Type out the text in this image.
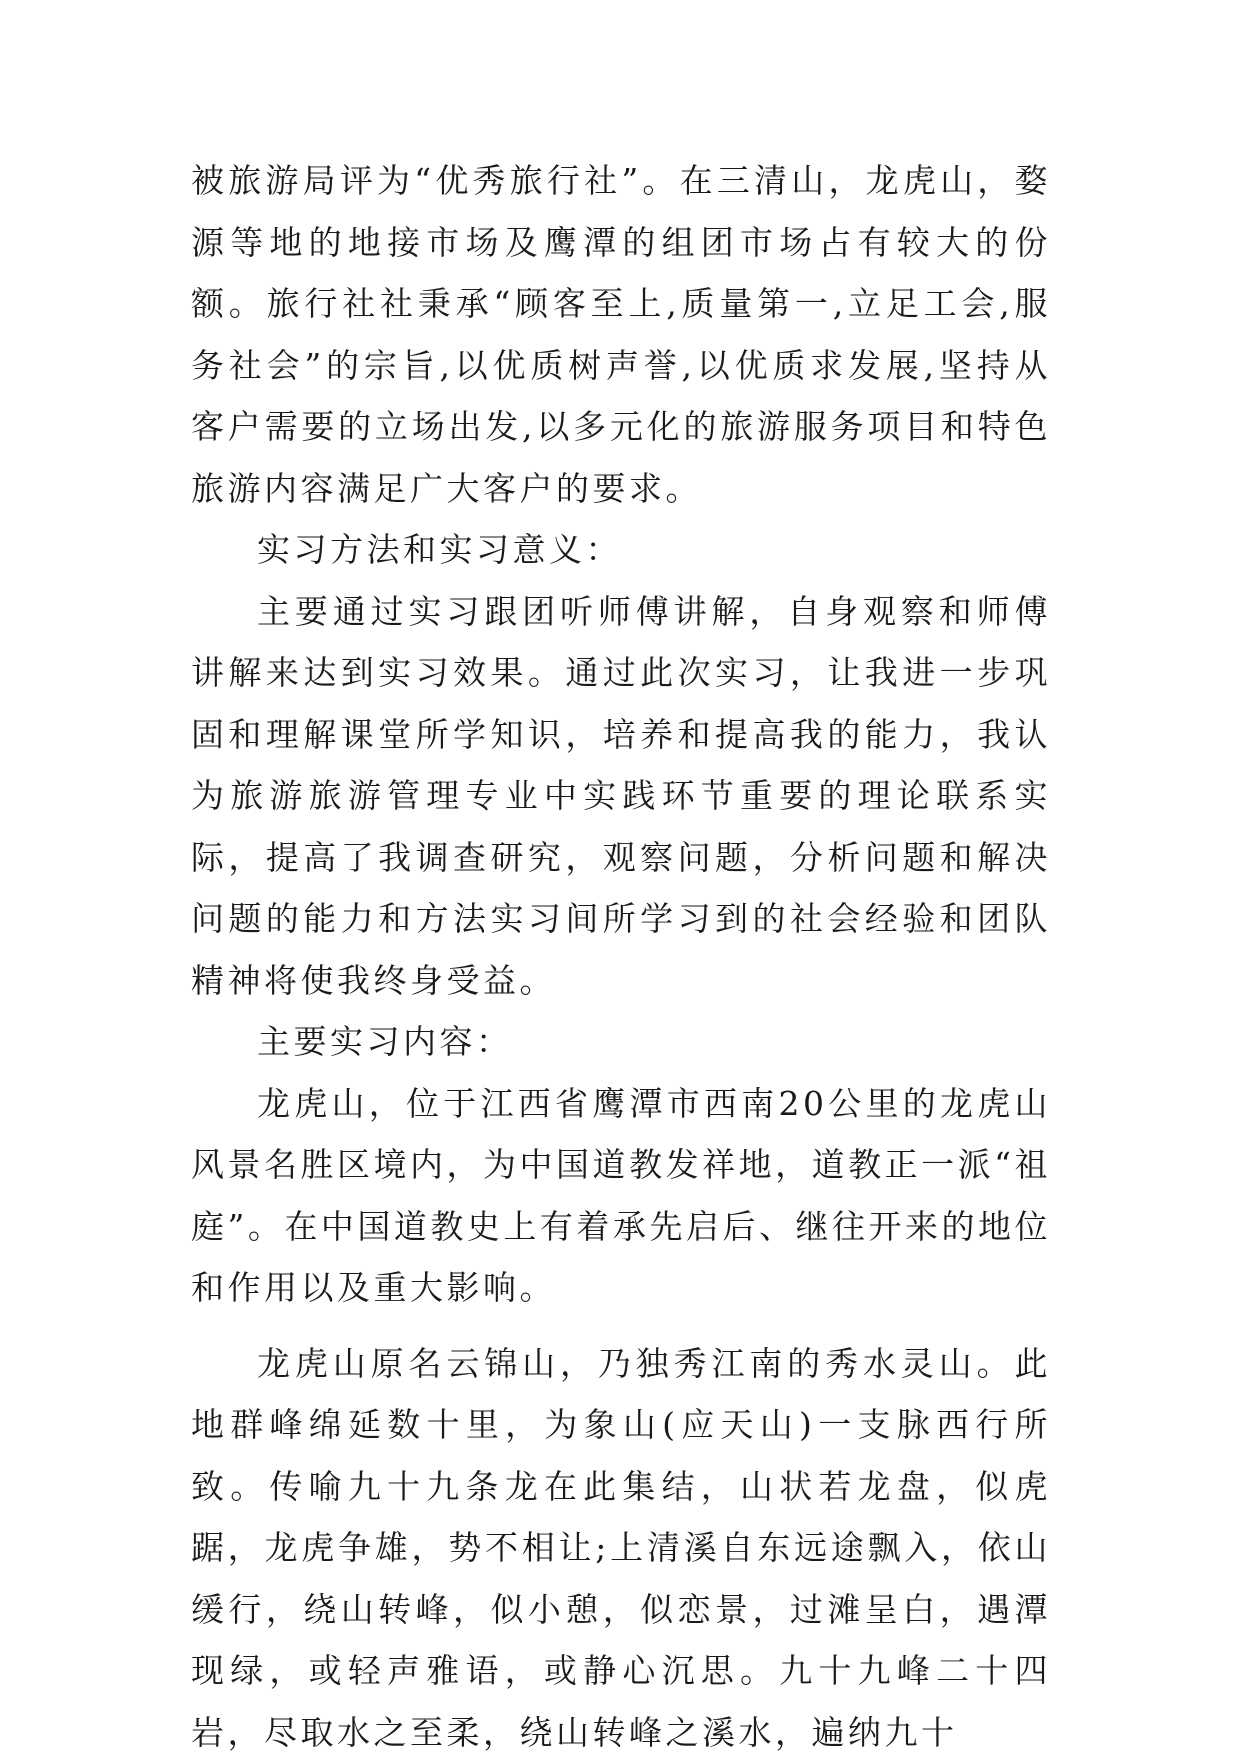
被旅游局评为“优秀旅行社”。在三清山，龙虎山，婺源等地的地接市场及鹰潭的组团市场占有较大的份额。旅行社社秉承“顾客至上,质量第一,立足工会,服务社会”的宗旨,以优质树声誉,以优质求发展,坚持从客户需要的立场出发,以多元化的旅游服务项目和特色旅游内容满足广大客户的要求。

实习方法和实习意义：

主要通过实习跟团听师傅讲解，自身观察和师傅讲解来达到实习效果。通过此次实习，让我进一步巩固和理解课堂所学知识，培养和提高我的能力，我认为旅游旅游管理专业中实践环节重要的理论联系实际，提高了我调查研究，观察问题，分析问题和解决问题的能力和方法实习间所学习到的社会经验和团队精神将使我终身受益。

主要实习内容：

龙虎山，位于江西省鹰潭市西南20公里的龙虎山风景名胜区境内，为中国道教发祥地，道教正一派“祖庭”。在中国道教史上有着承先启后、继往开来的地位和作用以及重大影响。

龙虎山原名云锦山，乃独秀江南的秀水灵山。此地群峰绵延数十里，为象山(应天山)一支脉西行所致。传喻九十九条龙在此集结，山状若龙盘，似虎踞，龙虎争雄，势不相让;上清溪自东远途飘入，依山缓行，绕山转峰，似小憩，似恋景，过滩呈白，遇潭现绿，或轻声雅语，或静心沉思。九十九峰二十四岩，尽取水之至柔，绕山转峰之溪水，遍纳九十
